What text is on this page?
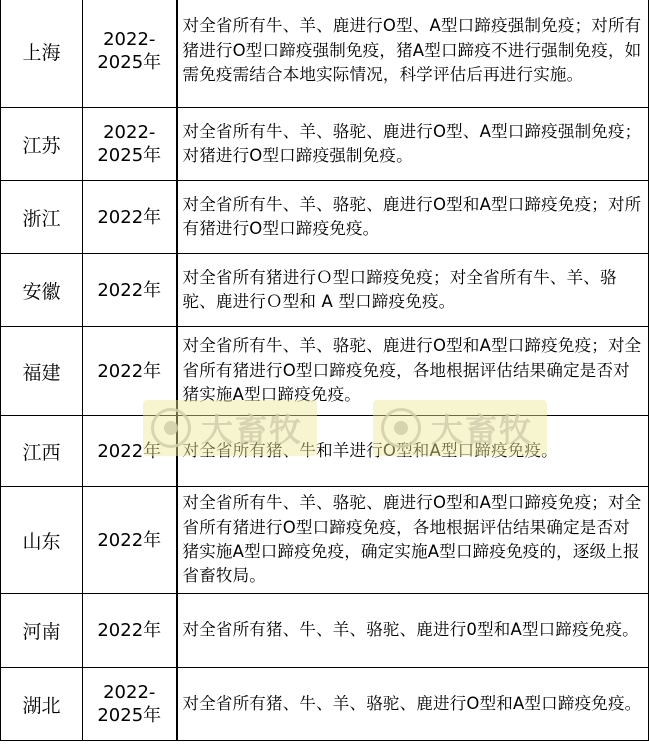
上海	2022-2025年	对全省所有牛、羊、鹿进行O型、A型口蹄疫强制免疫；对所有猪进行O型口蹄疫强制免疫，猪A型口蹄疫不进行强制免疫，如需免疫需结合本地实际情况，科学评估后再进行实施。
江苏	2022-2025年	对全省所有牛、羊、骆驼、鹿进行O型、A型口蹄疫强制免疫；对猪进行O型口蹄疫强制免疫。
浙江	2022年	对全省所有牛、羊、骆驼、鹿进行O型和A型口蹄疫免疫；对所有猪进行O型口蹄疫免疫。
安徽	2022年	对全省所有猪进行Ｏ型口蹄疫免疫；对全省所有牛、羊、骆驼、鹿进行Ｏ型和 A 型口蹄疫免疫。
福建	2022年	对全省所有牛、羊、骆驼、鹿进行O型和A型口蹄疫免疫；对全省所有猪进行O型口蹄疫免疫，各地根据评估结果确定是否对猪实施A型口蹄疫免疫。
江西	2022年	对全省所有猪、牛和羊进行O型和A型口蹄疫免疫。
山东	2022年	对全省所有牛、羊、骆驼、鹿进行O型和A型口蹄疫免疫；对全省所有猪进行O型口蹄疫免疫，各地根据评估结果确定是否对猪实施A型口蹄疫免疫，确定实施A型口蹄疫免疫的，逐级上报省畜牧局。
河南	2022年	对全省所有猪、牛、羊、骆驼、鹿进行0型和A型口蹄疫免疫。
湖北	2022-2025年	对全省所有猪、牛、羊、骆驼、鹿进行O型和A型口蹄疫免疫。
大畜牧	大畜牧
